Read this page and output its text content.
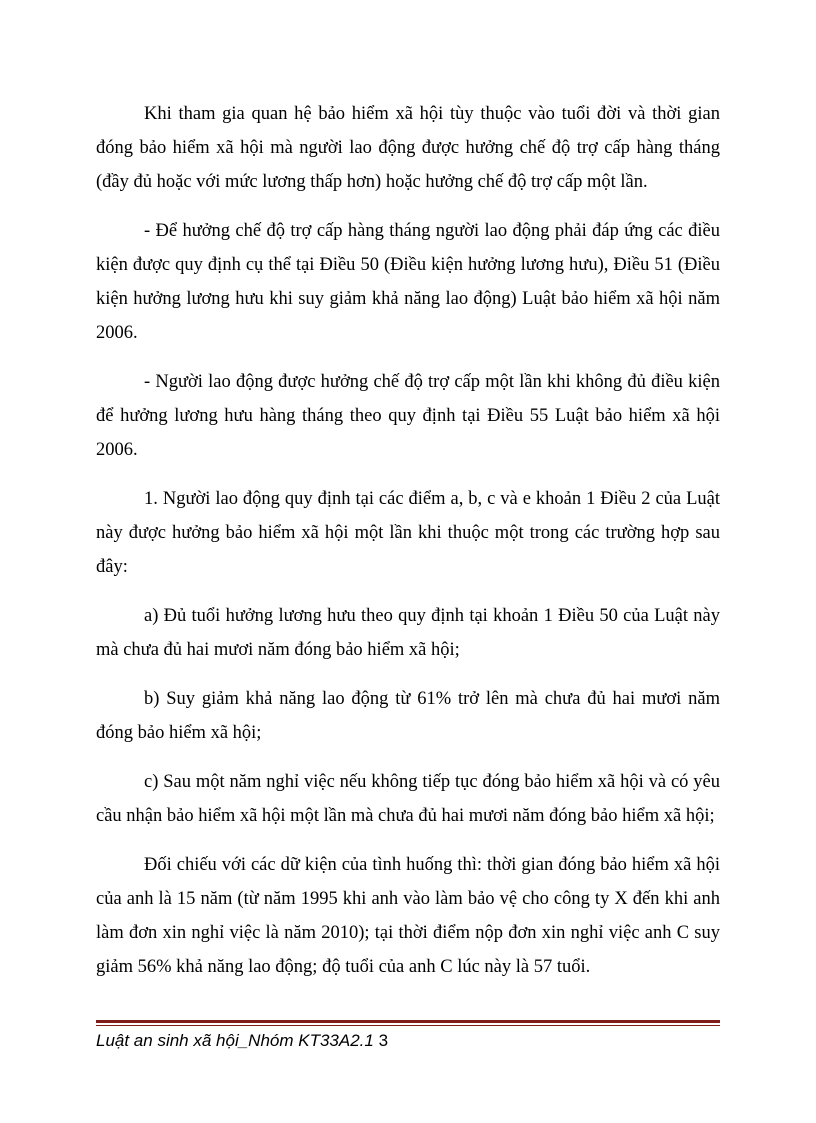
Khi tham gia quan hệ bảo hiểm xã hội tùy thuộc vào tuổi đời và thời gian đóng bảo hiểm xã hội mà người lao động được hưởng chế độ trợ cấp hàng tháng (đầy đủ hoặc với mức lương thấp hơn) hoặc hưởng chế độ trợ cấp một lần.

- Để hưởng chế độ trợ cấp hàng tháng người lao động phải đáp ứng các điều kiện được quy định cụ thể tại Điều 50 (Điều kiện hưởng lương hưu), Điều 51 (Điều kiện hưởng lương hưu khi suy giảm khả năng lao động) Luật bảo hiểm xã hội năm 2006.

- Người lao động được hưởng chế độ trợ cấp một lần khi không đủ điều kiện để hưởng lương hưu hàng tháng theo quy định tại Điều 55 Luật bảo hiểm xã hội 2006.

1. Người lao động quy định tại các điểm a, b, c và e khoản 1 Điều 2 của Luật này được hưởng bảo hiểm xã hội một lần khi thuộc một trong các trường hợp sau đây:

a) Đủ tuổi hưởng lương hưu theo quy định tại khoản 1 Điều 50 của Luật này mà chưa đủ hai mươi năm đóng bảo hiểm xã hội;

b) Suy giảm khả năng lao động từ 61% trở lên mà chưa đủ hai mươi năm đóng bảo hiểm xã hội;

c) Sau một năm nghỉ việc nếu không tiếp tục đóng bảo hiểm xã hội và có yêu cầu nhận bảo hiểm xã hội một lần mà chưa đủ hai mươi năm đóng bảo hiểm xã hội;

Đối chiếu với các dữ kiện của tình huống thì: thời gian đóng bảo hiểm xã hội của anh là 15 năm (từ năm 1995 khi anh vào làm bảo vệ cho công ty X đến khi anh làm đơn xin nghỉ việc là năm 2010); tại thời điểm nộp đơn xin nghỉ việc anh C suy giảm 56% khả năng lao động; độ tuổi của anh C lúc này là 57 tuổi.

Luật an sinh xã hội_Nhóm KT33A2.1 3
